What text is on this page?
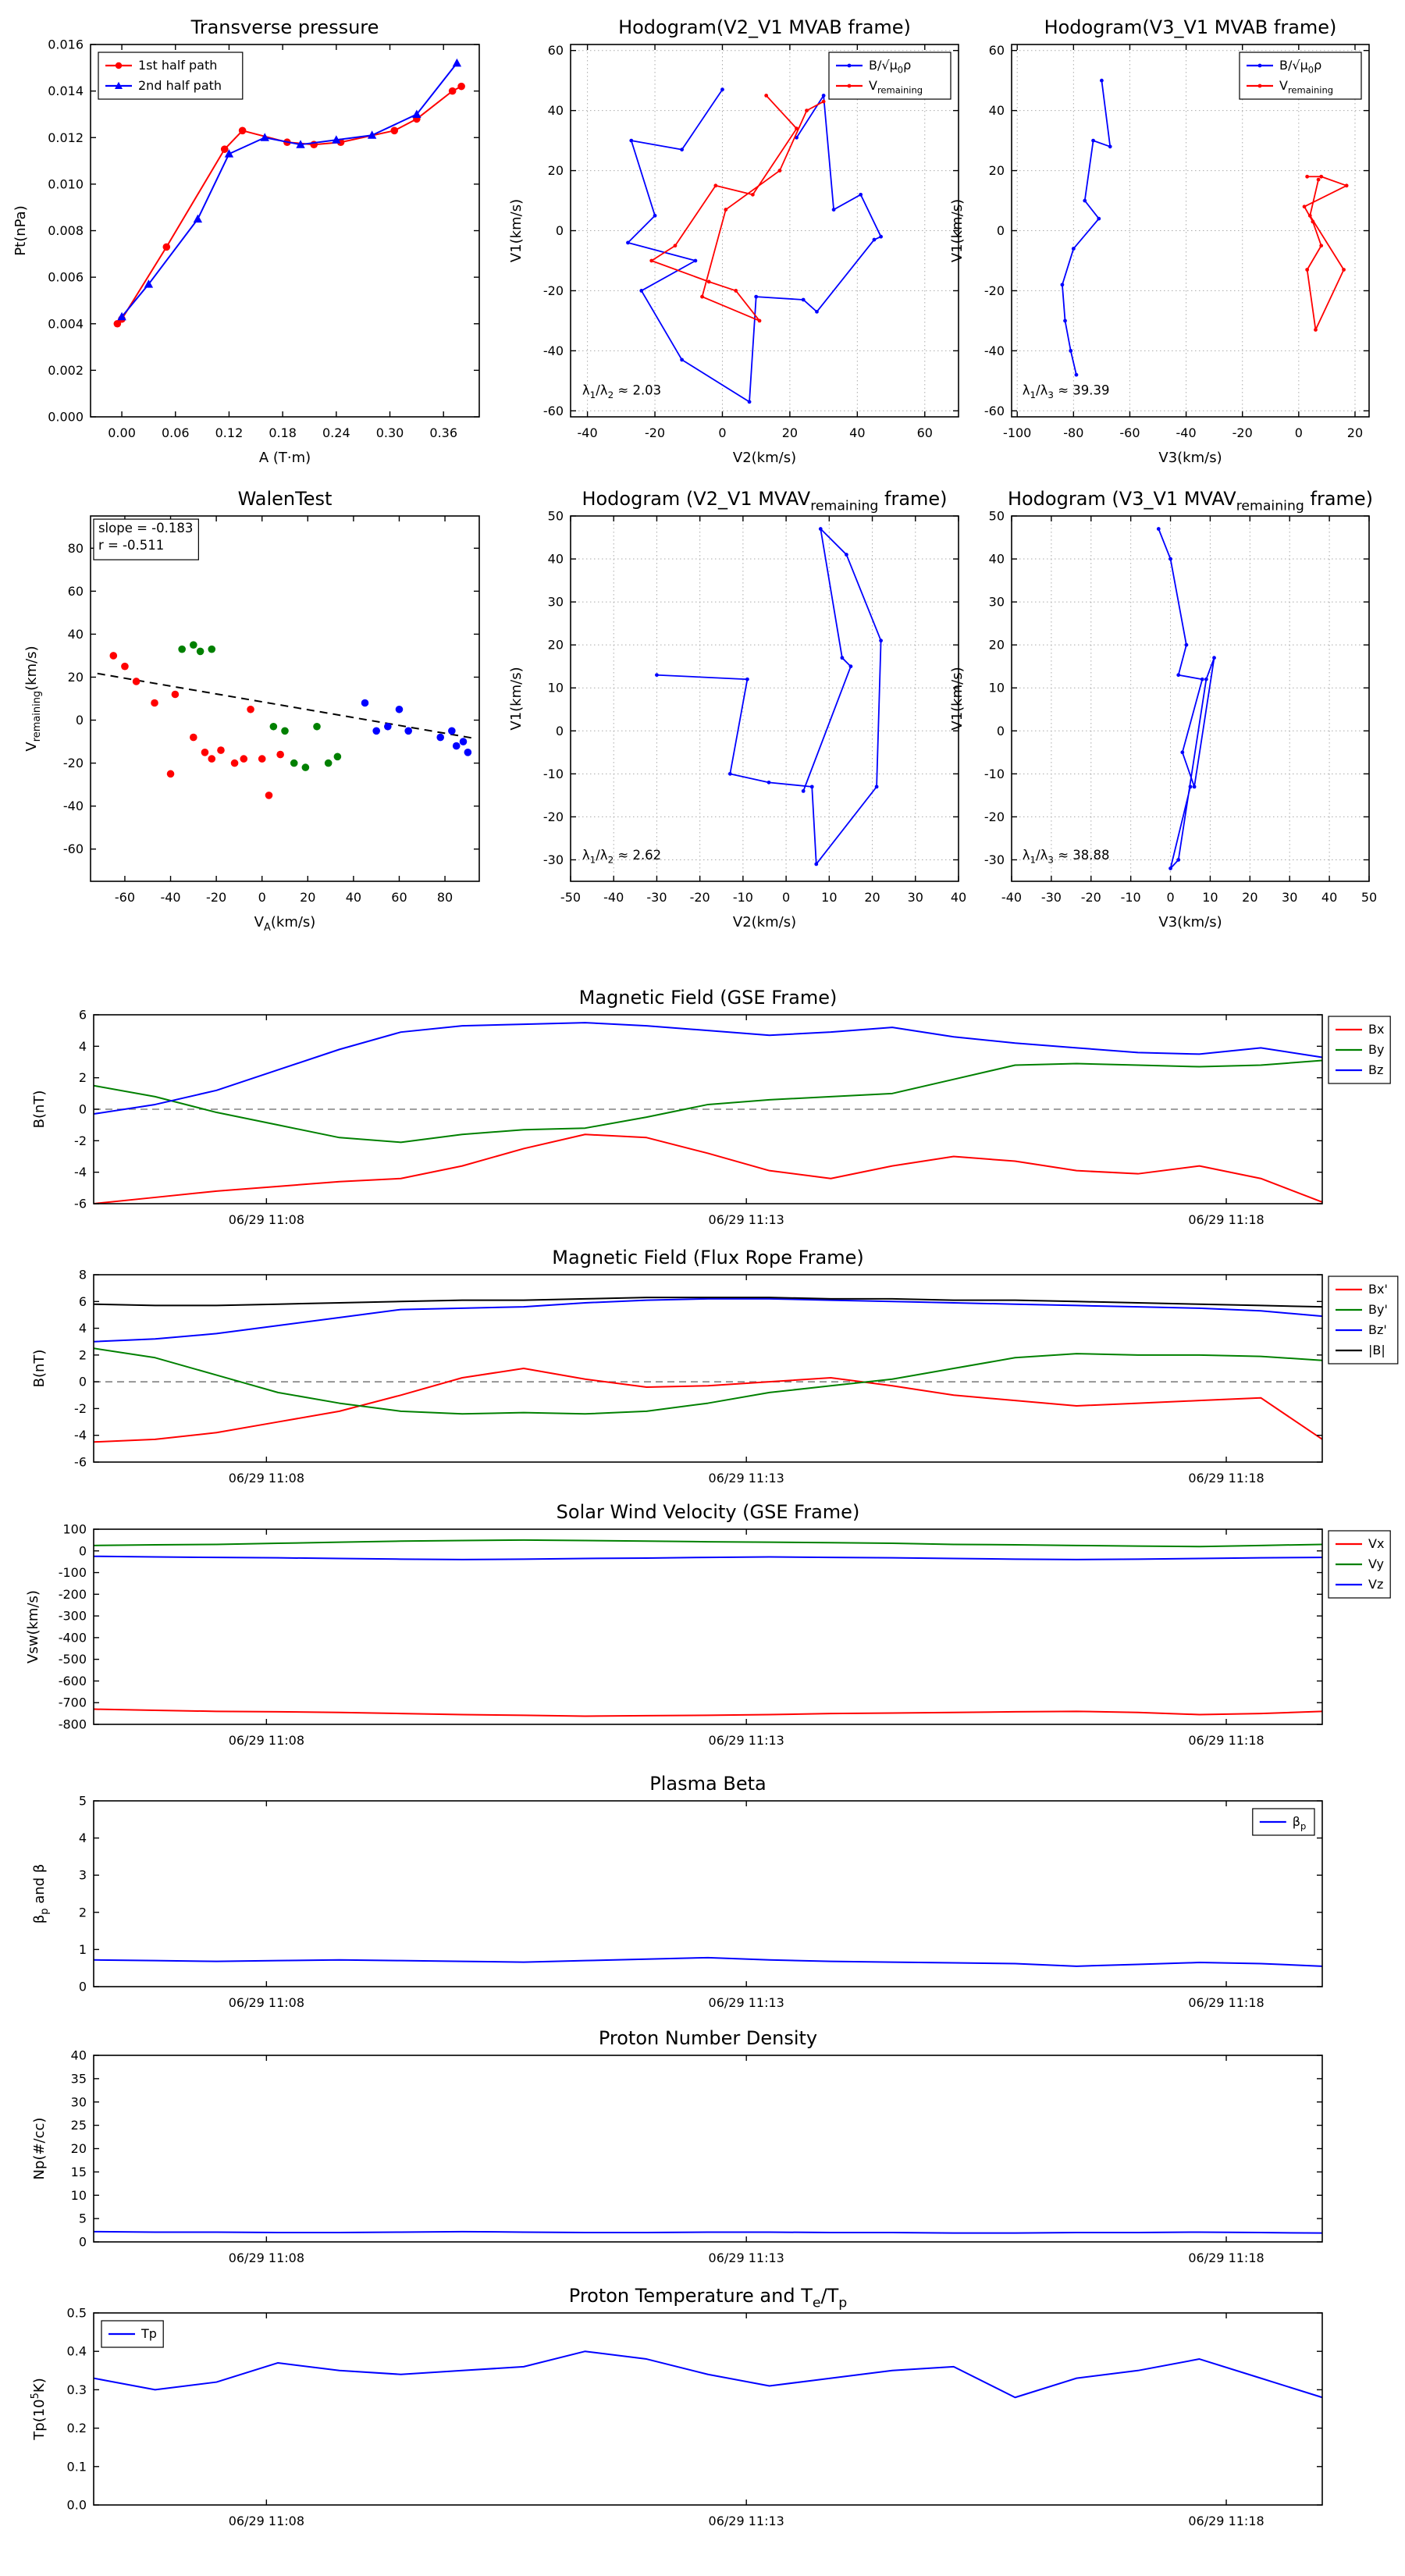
0.00 0.06 0.12 0.18 0.24 0.30 0.36
0.000
0.002
0.004
0.006
0.008
0.010
0.012
0.014
0.016
Transverse pressure
A (T·m)
Pt(nPa)
1st half path
2nd half path
-40	-20	0	20	40	60
-60
-40
-20
0
20
40
60
Hodogram(V2_V1 MVAB frame)
V2(km/s)
V1(km/s)
$\lambda_1/\lambda_2 \approx 2.03$
$B/√\mu_0\rho$
$V_{remaining}$
-100	-80	-60	-40	-20	0	20
-60
-40
-20
0
20
40
60
Hodogram(V3_V1 MVAB frame)
V3(km/s)
V1(km/s)
$\lambda_1/\lambda_3 \approx 39.39$
$B/√\mu_0\rho$
$V_{remaining}$
-60 -40 -20	0	20 40 60 80
-60
-40
-20
0
20
40
60
80
WalenTest
$V_A(km/s)$
$V_{remaining}(km/s)$
slope = -0.183
r = -0.511
-50 -40 -30 -20 -10 0 10 20 30 40
-30
-20
-10
0
10
20
30
40
50
Hodogram (V2_V1 $MVAV_{remaining}$ frame)
V2(km/s)
V1(km/s)
$\lambda_1/\lambda_2 \approx 2.62$
-40 -30 -20 -10 0 10 20 30 40 50
-30
-20
-10
0
10
20
30
40
50
Hodogram (V3_V1 $MVAV_{remaining}$ frame)
V3(km/s)
V1(km/s)
$\lambda_1/\lambda_3 \approx 38.88$
06/29 11:08	06/29 11:13	06/29 11:18
-6
-4
-2
0
2
4
6
Magnetic Field (GSE Frame)
B(nT)
Bx
By
Bz
06/29 11:08	06/29 11:13	06/29 11:18
-6
-4
-2
0
2
4
6
8
Magnetic Field (Flux Rope Frame)
B(nT)
Bx'
By'
Bz'
|B|
06/29 11:08	06/29 11:13	06/29 11:18
100
0
-100
-200
-300
-400
-500
-600
-700
-800
Solar Wind Velocity (GSE Frame)
Vsw(km/s)
Vx
Vy
Vz
06/29 11:08	06/29 11:13	06/29 11:18
0
1
2
3
4
5
Plasma Beta
$\beta_p$ and β
$\beta_p$
06/29 11:08	06/29 11:13	06/29 11:18
0
5
10
15
20
25
30
35
40
Proton Number Density
Np(#/cc)
06/29 11:08	06/29 11:13	06/29 11:18
0.0
0.1
0.2
0.3
0.4
0.5
Proton Temperature and $T_e/T_p$
$Tp(10^5K)$
Tp
